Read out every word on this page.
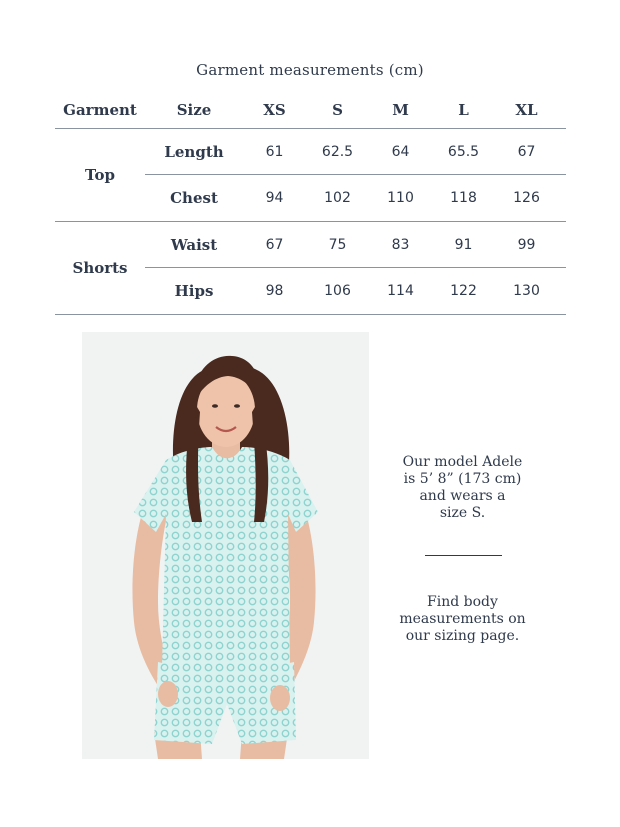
Garment measurements (cm)
Garment	Size	XS	S	M	L	XL
Top
Length	61	62.5	64	65.5	67
Chest	94	102	110	118	126
Shorts
Waist	67	75	83	91	99
Hips	98	106	114	122	130
Our model Adele
is 5’ 8” (173 cm)
and wears a
size S.
Find body
measurements on
our sizing page.
